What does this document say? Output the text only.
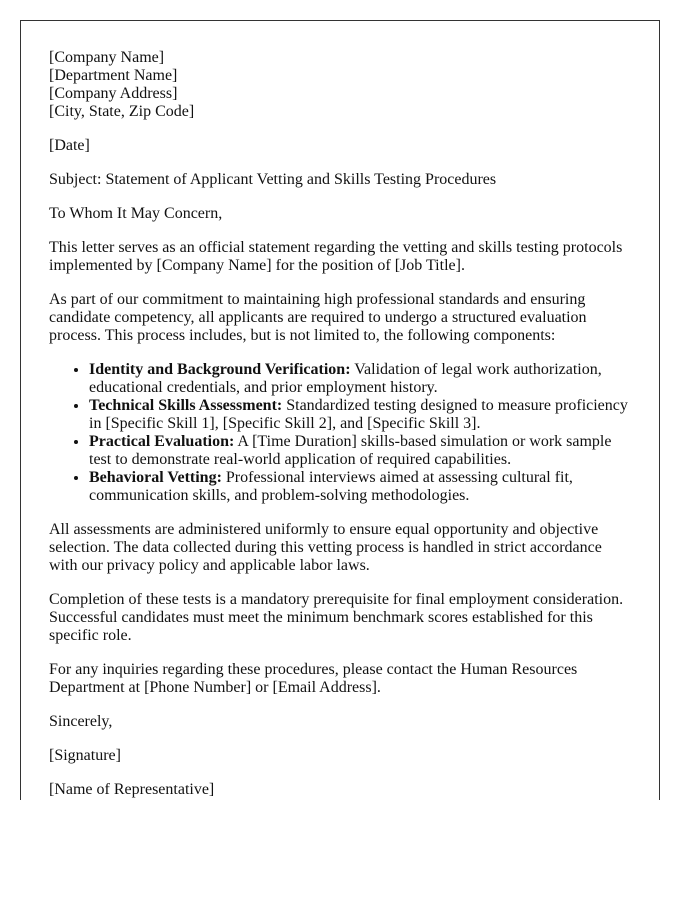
[Company Name]
[Department Name]
[Company Address]
[City, State, Zip Code]

[Date]

Subject: Statement of Applicant Vetting and Skills Testing Procedures

To Whom It May Concern,

This letter serves as an official statement regarding the vetting and skills testing protocols implemented by [Company Name] for the position of [Job Title].

As part of our commitment to maintaining high professional standards and ensuring candidate competency, all applicants are required to undergo a structured evaluation process. This process includes, but is not limited to, the following components:

• Identity and Background Verification: Validation of legal work authorization, educational credentials, and prior employment history.
• Technical Skills Assessment: Standardized testing designed to measure proficiency in [Specific Skill 1], [Specific Skill 2], and [Specific Skill 3].
• Practical Evaluation: A [Time Duration] skills-based simulation or work sample test to demonstrate real-world application of required capabilities.
• Behavioral Vetting: Professional interviews aimed at assessing cultural fit, communication skills, and problem-solving methodologies.

All assessments are administered uniformly to ensure equal opportunity and objective selection. The data collected during this vetting process is handled in strict accordance with our privacy policy and applicable labor laws.

Completion of these tests is a mandatory prerequisite for final employment consideration. Successful candidates must meet the minimum benchmark scores established for this specific role.

For any inquiries regarding these procedures, please contact the Human Resources Department at [Phone Number] or [Email Address].

Sincerely,

[Signature]

[Name of Representative]
